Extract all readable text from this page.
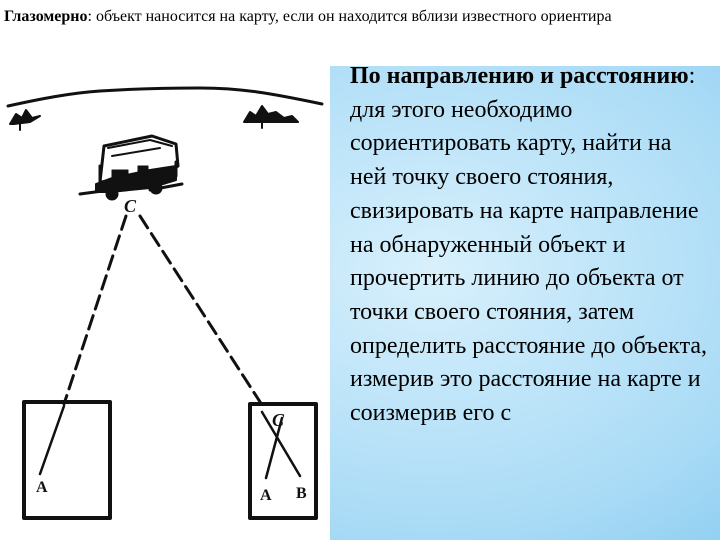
Глазомерно: объект наносится на карту, если он находится вблизи известного ориентира
C
A
C
A B
По направлению и расстоянию: для этого необходимо сориентировать карту, найти на ней точку своего стояния, свизировать на карте направление на обнаруженный объект и прочертить линию до объекта от точки своего стояния, затем определить расстояние до объекта, измерив это расстояние на карте и соизмерив его с
